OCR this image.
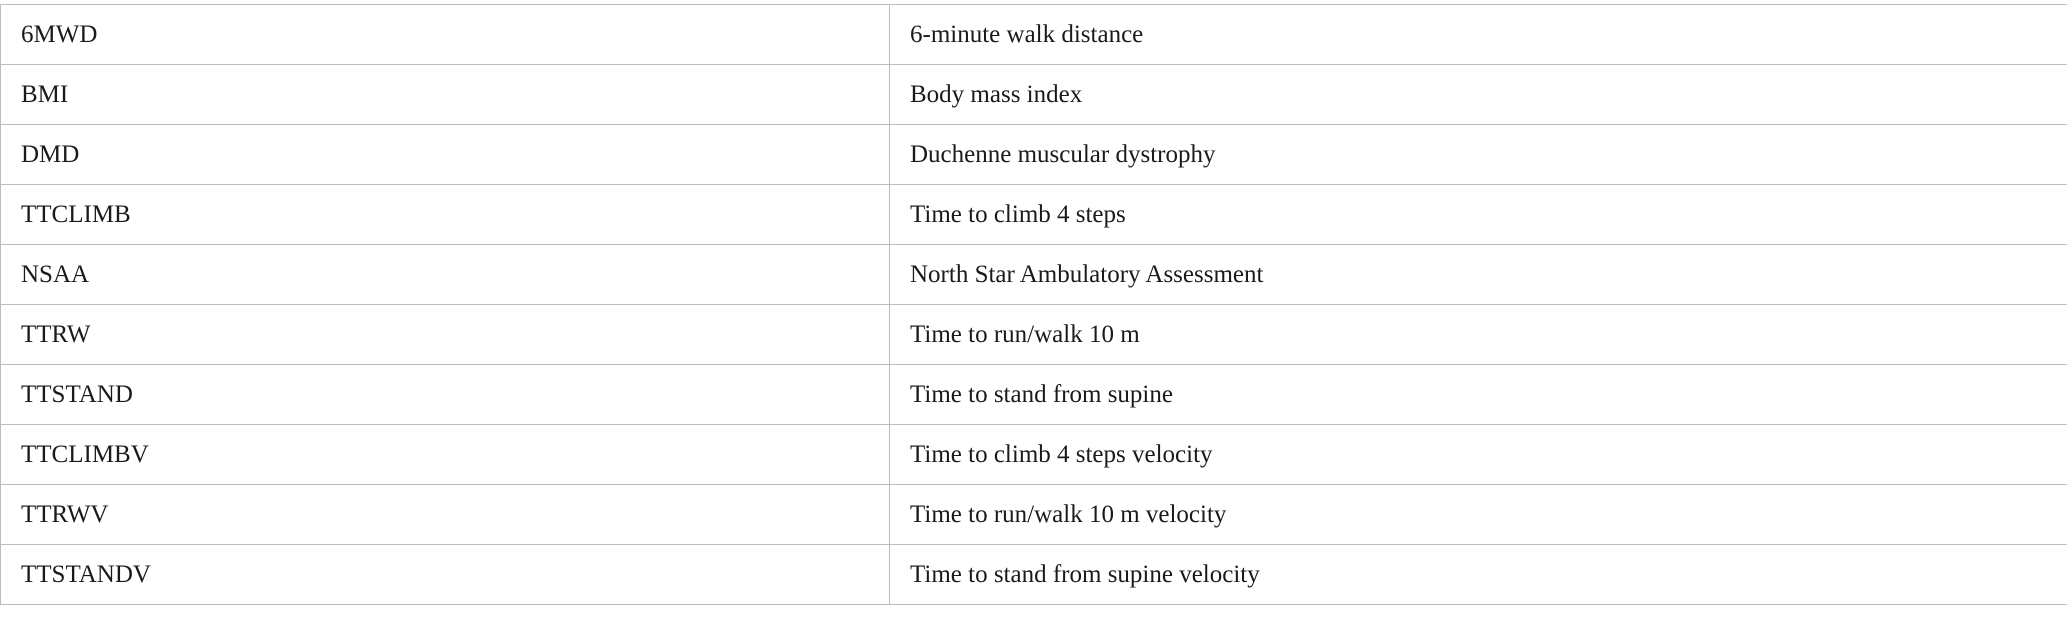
6MWD	6-minute walk distance
BMI	Body mass index
DMD	Duchenne muscular dystrophy
TTCLIMB	Time to climb 4 steps
NSAA	North Star Ambulatory Assessment
TTRW	Time to run/walk 10 m
TTSTAND	Time to stand from supine
TTCLIMBV	Time to climb 4 steps velocity
TTRWV	Time to run/walk 10 m velocity
TTSTANDV	Time to stand from supine velocity
